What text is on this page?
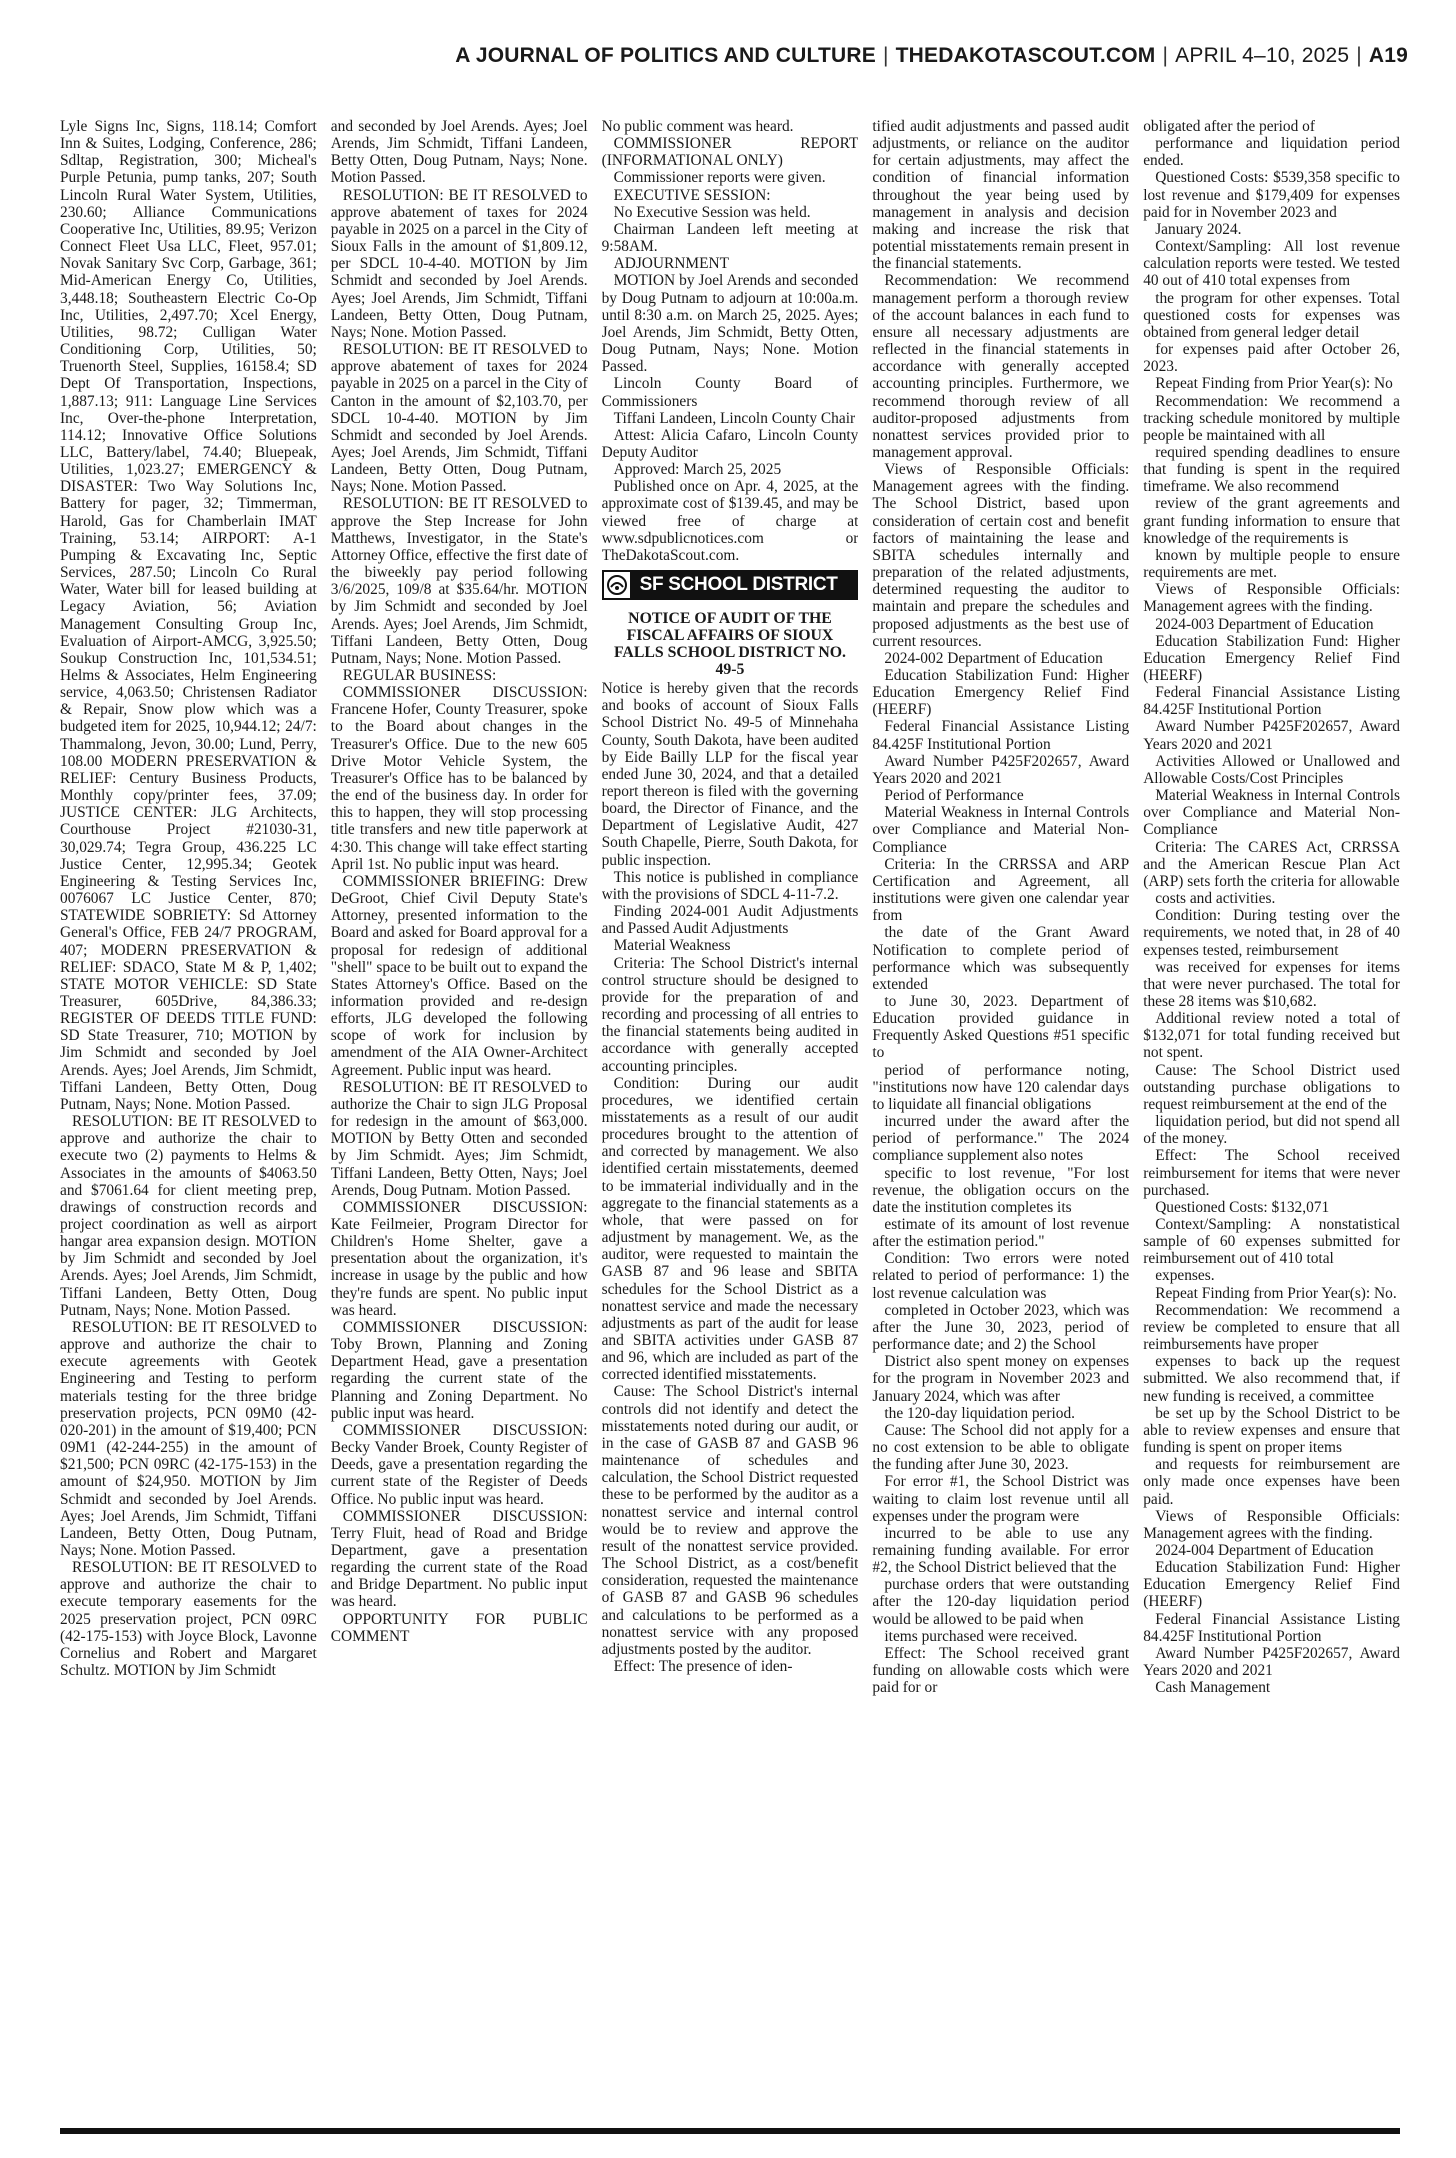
A JOURNAL OF POLITICS AND CULTURE | THEDAKOTASCOUT.COM | APRIL 4–10, 2025 | A19

Lyle Signs Inc, Signs, 118.14; Comfort Inn & Suites, Lodging, Conference, 286; Sdltap, Registration, 300; Micheal's Purple Petunia, pump tanks, 207; South Lincoln Rural Water System, Utilities, 230.60; Alliance Communications Cooperative Inc, Utilities, 89.95; Verizon Connect Fleet Usa LLC, Fleet, 957.01; Novak Sanitary Svc Corp, Garbage, 361; Mid-American Energy Co, Utilities, 3,448.18; Southeastern Electric Co-Op Inc, Utilities, 2,497.70; Xcel Energy, Utilities, 98.72; Culligan Water Conditioning Corp, Utilities, 50; Truenorth Steel, Supplies, 16158.4; SD Dept Of Transportation, Inspections, 1,887.13; 911: Language Line Services Inc, Over-the-phone Interpretation, 114.12; Innovative Office Solutions LLC, Battery/label, 74.40; Bluepeak, Utilities, 1,023.27; EMERGENCY & DISASTER: Two Way Solutions Inc, Battery for pager, 32; Timmerman, Harold, Gas for Chamberlain IMAT Training, 53.14; AIRPORT: A-1 Pumping & Excavating Inc, Septic Services, 287.50; Lincoln Co Rural Water, Water bill for leased building at Legacy Aviation, 56; Aviation Management Consulting Group Inc, Evaluation of Airport-AMCG, 3,925.50; Soukup Construction Inc, 101,534.51; Helms & Associates, Helm Engineering service, 4,063.50; Christensen Radiator & Repair, Snow plow which was a budgeted item for 2025, 10,944.12; 24/7: Thammalong, Jevon, 30.00; Lund, Perry, 108.00 MODERN PRESERVATION & RELIEF: Century Business Products, Monthly copy/printer fees, 37.09; JUSTICE CENTER: JLG Architects, Courthouse Project #21030-31, 30,029.74; Tegra Group, 436.225 LC Justice Center, 12,995.34; Geotek Engineering & Testing Services Inc, 0076067 LC Justice Center, 870; STATEWIDE SOBRIETY: Sd Attorney General's Office, FEB 24/7 PROGRAM, 407; MODERN PRESERVATION & RELIEF: SDACO, State M & P, 1,402; STATE MOTOR VEHICLE: SD State Treasurer, 605Drive, 84,386.33; REGISTER OF DEEDS TITLE FUND: SD State Treasurer, 710; MOTION by Jim Schmidt and seconded by Joel Arends. Ayes; Joel Arends, Jim Schmidt, Tiffani Landeen, Betty Otten, Doug Putnam, Nays; None. Motion Passed.

RESOLUTION: BE IT RESOLVED to approve and authorize the chair to execute two (2) payments to Helms & Associates in the amounts of $4063.50 and $7061.64 for client meeting prep, drawings of construction records and project coordination as well as airport hangar area expansion design. MOTION by Jim Schmidt and seconded by Joel Arends. Ayes; Joel Arends, Jim Schmidt, Tiffani Landeen, Betty Otten, Doug Putnam, Nays; None. Motion Passed.

RESOLUTION: BE IT RESOLVED to approve and authorize the chair to execute agreements with Geotek Engineering and Testing to perform materials testing for the three bridge preservation projects, PCN 09M0 (42-020-201) in the amount of $19,400; PCN 09M1 (42-244-255) in the amount of $21,500; PCN 09RC (42-175-153) in the amount of $24,950. MOTION by Jim Schmidt and seconded by Joel Arends. Ayes; Joel Arends, Jim Schmidt, Tiffani Landeen, Betty Otten, Doug Putnam, Nays; None. Motion Passed.

RESOLUTION: BE IT RESOLVED to approve and authorize the chair to execute temporary easements for the 2025 preservation project, PCN 09RC (42-175-153) with Joyce Block, Lavonne Cornelius and Robert and Margaret Schultz. MOTION by Jim Schmidt

and seconded by Joel Arends. Ayes; Joel Arends, Jim Schmidt, Tiffani Landeen, Betty Otten, Doug Putnam, Nays; None. Motion Passed.

RESOLUTION: BE IT RESOLVED to approve abatement of taxes for 2024 payable in 2025 on a parcel in the City of Sioux Falls in the amount of $1,809.12, per SDCL 10-4-40. MOTION by Jim Schmidt and seconded by Joel Arends. Ayes; Joel Arends, Jim Schmidt, Tiffani Landeen, Betty Otten, Doug Putnam, Nays; None. Motion Passed.

RESOLUTION: BE IT RESOLVED to approve abatement of taxes for 2024 payable in 2025 on a parcel in the City of Canton in the amount of $2,103.70, per SDCL 10-4-40. MOTION by Jim Schmidt and seconded by Joel Arends. Ayes; Joel Arends, Jim Schmidt, Tiffani Landeen, Betty Otten, Doug Putnam, Nays; None. Motion Passed.

RESOLUTION: BE IT RESOLVED to approve the Step Increase for John Matthews, Investigator, in the State's Attorney Office, effective the first date of the biweekly pay period following 3/6/2025, 109/8 at $35.64/hr. MOTION by Jim Schmidt and seconded by Joel Arends. Ayes; Joel Arends, Jim Schmidt, Tiffani Landeen, Betty Otten, Doug Putnam, Nays; None. Motion Passed.

REGULAR BUSINESS:

COMMISSIONER DISCUSSION: Francene Hofer, County Treasurer, spoke to the Board about changes in the Treasurer's Office. Due to the new 605 Drive Motor Vehicle System, the Treasurer's Office has to be balanced by the end of the business day. In order for this to happen, they will stop processing title transfers and new title paperwork at 4:30. This change will take effect starting April 1st. No public input was heard.

COMMISSIONER BRIEFING: Drew DeGroot, Chief Civil Deputy State's Attorney, presented information to the Board and asked for Board approval for a proposal for redesign of additional "shell" space to be built out to expand the States Attorney's Office. Based on the information provided and re-design efforts, JLG developed the following scope of work for inclusion by amendment of the AIA Owner-Architect Agreement. Public input was heard.

RESOLUTION: BE IT RESOLVED to authorize the Chair to sign JLG Proposal for redesign in the amount of $63,000. MOTION by Betty Otten and seconded by Jim Schmidt. Ayes; Jim Schmidt, Tiffani Landeen, Betty Otten, Nays; Joel Arends, Doug Putnam. Motion Passed.

COMMISSIONER DISCUSSION: Kate Feilmeier, Program Director for Children's Home Shelter, gave a presentation about the organization, it's increase in usage by the public and how they're funds are spent. No public input was heard.

COMMISSIONER DISCUSSION: Toby Brown, Planning and Zoning Department Head, gave a presentation regarding the current state of the Planning and Zoning Department. No public input was heard.

COMMISSIONER DISCUSSION: Becky Vander Broek, County Register of Deeds, gave a presentation regarding the current state of the Register of Deeds Office. No public input was heard.

COMMISSIONER DISCUSSION: Terry Fluit, head of Road and Bridge Department, gave a presentation regarding the current state of the Road and Bridge Department. No public input was heard.

OPPORTUNITY FOR PUBLIC COMMENT

No public comment was heard.

COMMISSIONER REPORT (INFORMATIONAL ONLY)

Commissioner reports were given.

EXECUTIVE SESSION:

No Executive Session was held.

Chairman Landeen left meeting at 9:58AM.

ADJOURNMENT

MOTION by Joel Arends and seconded by Doug Putnam to adjourn at 10:00a.m. until 8:30 a.m. on March 25, 2025. Ayes; Joel Arends, Jim Schmidt, Betty Otten, Doug Putnam, Nays; None. Motion Passed.

Lincoln County Board of Commissioners

Tiffani Landeen, Lincoln County Chair

Attest: Alicia Cafaro, Lincoln County Deputy Auditor

Approved: March 25, 2025

Published once on Apr. 4, 2025, at the approximate cost of $139.45, and may be viewed free of charge at www.sdpublicnotices.com or TheDakotaScout.com.

SF SCHOOL DISTRICT
NOTICE OF AUDIT OF THE FISCAL AFFAIRS OF SIOUX FALLS SCHOOL DISTRICT NO. 49-5

Notice is hereby given that the records and books of account of Sioux Falls School District No. 49-5 of Minnehaha County, South Dakota, have been audited by Eide Bailly LLP for the fiscal year ended June 30, 2024, and that a detailed report thereon is filed with the governing board, the Director of Finance, and the Department of Legislative Audit, 427 South Chapelle, Pierre, South Dakota, for public inspection.

This notice is published in compliance with the provisions of SDCL 4-11-7.2.

Finding 2024-001 Audit Adjustments and Passed Audit Adjustments

Material Weakness

Criteria: The School District's internal control structure should be designed to provide for the preparation of and recording and processing of all entries to the financial statements being audited in accordance with generally accepted accounting principles.

Condition: During our audit procedures, we identified certain misstatements as a result of our audit procedures brought to the attention of and corrected by management. We also identified certain misstatements, deemed to be immaterial individually and in the aggregate to the financial statements as a whole, that were passed on for adjustment by management. We, as the auditor, were requested to maintain the GASB 87 and 96 lease and SBITA schedules for the School District as a nonattest service and made the necessary adjustments as part of the audit for lease and SBITA activities under GASB 87 and 96, which are included as part of the corrected identified misstatements.

Cause: The School District's internal controls did not identify and detect the misstatements noted during our audit, or in the case of GASB 87 and GASB 96 maintenance of schedules and calculation, the School District requested these to be performed by the auditor as a nonattest service and internal control would be to review and approve the result of the nonattest service provided. The School District, as a cost/benefit consideration, requested the maintenance of GASB 87 and GASB 96 schedules and calculations to be performed as a nonattest service with any proposed adjustments posted by the auditor.

Effect: The presence of iden-

tified audit adjustments and passed audit adjustments, or reliance on the auditor for certain adjustments, may affect the condition of financial information throughout the year being used by management in analysis and decision making and increase the risk that potential misstatements remain present in the financial statements.

Recommendation: We recommend management perform a thorough review of the account balances in each fund to ensure all necessary adjustments are reflected in the financial statements in accordance with generally accepted accounting principles. Furthermore, we recommend thorough review of all auditor-proposed adjustments from nonattest services provided prior to management approval.

Views of Responsible Officials: Management agrees with the finding. The School District, based upon consideration of certain cost and benefit factors of maintaining the lease and SBITA schedules internally and preparation of the related adjustments, determined requesting the auditor to maintain and prepare the schedules and proposed adjustments as the best use of current resources.

2024-002 Department of Education

Education Stabilization Fund: Higher Education Emergency Relief Find (HEERF)

Federal Financial Assistance Listing 84.425F Institutional Portion

Award Number P425F202657, Award Years 2020 and 2021

Period of Performance

Material Weakness in Internal Controls over Compliance and Material Non-Compliance

Criteria: In the CRRSSA and ARP Certification and Agreement, all institutions were given one calendar year from

the date of the Grant Award Notification to complete period of performance which was subsequently extended

to June 30, 2023. Department of Education provided guidance in Frequently Asked Questions #51 specific to

period of performance noting, "institutions now have 120 calendar days to liquidate all financial obligations

incurred under the award after the period of performance." The 2024 compliance supplement also notes

specific to lost revenue, "For lost revenue, the obligation occurs on the date the institution completes its

estimate of its amount of lost revenue after the estimation period."

Condition: Two errors were noted related to period of performance: 1) the lost revenue calculation was

completed in October 2023, which was after the June 30, 2023, period of performance date; and 2) the School

District also spent money on expenses for the program in November 2023 and January 2024, which was after

the 120-day liquidation period.

Cause: The School did not apply for a no cost extension to be able to obligate the funding after June 30, 2023.

For error #1, the School District was waiting to claim lost revenue until all expenses under the program were

incurred to be able to use any remaining funding available. For error #2, the School District believed that the

purchase orders that were outstanding after the 120-day liquidation period would be allowed to be paid when

items purchased were received.

Effect: The School received grant funding on allowable costs which were paid for or

obligated after the period of

performance and liquidation period ended.

Questioned Costs: $539,358 specific to lost revenue and $179,409 for expenses paid for in November 2023 and

January 2024.

Context/Sampling: All lost revenue calculation reports were tested. We tested 40 out of 410 total expenses from

the program for other expenses. Total questioned costs for expenses was obtained from general ledger detail

for expenses paid after October 26, 2023.

Repeat Finding from Prior Year(s): No

Recommendation: We recommend a tracking schedule monitored by multiple people be maintained with all

required spending deadlines to ensure that funding is spent in the required timeframe. We also recommend

review of the grant agreements and grant funding information to ensure that knowledge of the requirements is

known by multiple people to ensure requirements are met.

Views of Responsible Officials: Management agrees with the finding.

2024-003 Department of Education

Education Stabilization Fund: Higher Education Emergency Relief Find (HEERF)

Federal Financial Assistance Listing 84.425F Institutional Portion

Award Number P425F202657, Award Years 2020 and 2021

Activities Allowed or Unallowed and Allowable Costs/Cost Principles

Material Weakness in Internal Controls over Compliance and Material Non-Compliance

Criteria: The CARES Act, CRRSSA and the American Rescue Plan Act (ARP) sets forth the criteria for allowable

costs and activities.

Condition: During testing over the requirements, we noted that, in 28 of 40 expenses tested, reimbursement

was received for expenses for items that were never purchased. The total for these 28 items was $10,682.

Additional review noted a total of $132,071 for total funding received but not spent.

Cause: The School District used outstanding purchase obligations to request reimbursement at the end of the

liquidation period, but did not spend all of the money.

Effect: The School received reimbursement for items that were never purchased.

Questioned Costs: $132,071

Context/Sampling: A nonstatistical sample of 60 expenses submitted for reimbursement out of 410 total

expenses.

Repeat Finding from Prior Year(s): No.

Recommendation: We recommend a review be completed to ensure that all reimbursements have proper

expenses to back up the request submitted. We also recommend that, if new funding is received, a committee

be set up by the School District to be able to review expenses and ensure that funding is spent on proper items

and requests for reimbursement are only made once expenses have been paid.

Views of Responsible Officials: Management agrees with the finding.

2024-004 Department of Education

Education Stabilization Fund: Higher Education Emergency Relief Find (HEERF)

Federal Financial Assistance Listing 84.425F Institutional Portion

Award Number P425F202657, Award Years 2020 and 2021

Cash Management
